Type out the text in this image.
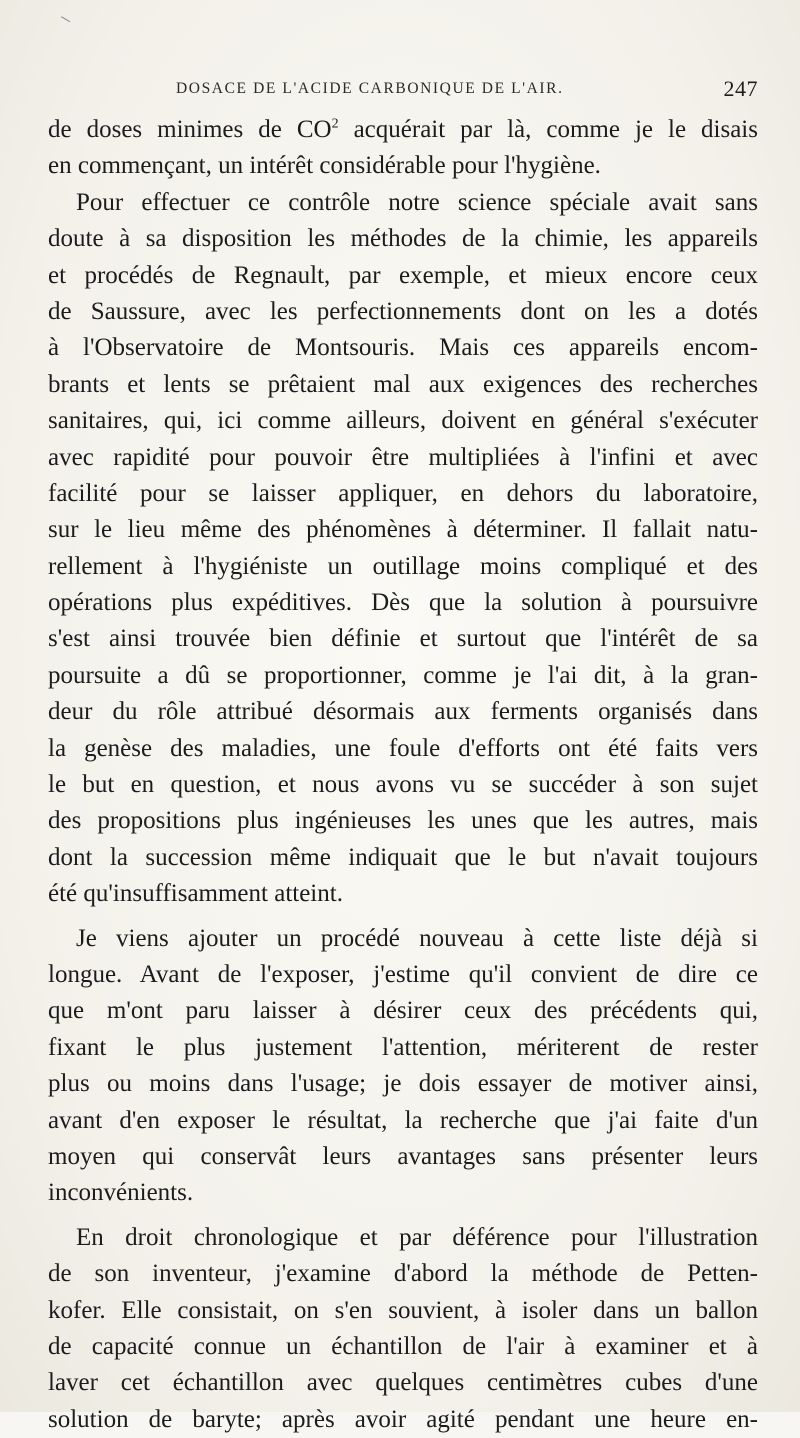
DOSACE DE L'ACIDE CARBONIQUE DE L'AIR.	247
de doses minimes de $CO^2$ acquérait par là, comme je le disais
en commençant, un intérêt considérable pour l'hygiène.
Pour effectuer ce contrôle notre science spéciale avait sans
doute à sa disposition les méthodes de la chimie, les appareils
et procédés de Regnault, par exemple, et mieux encore ceux
de Saussure, avec les perfectionnements dont on les a dotés
à l'Observatoire de Montsouris. Mais ces appareils encom-
brants et lents se prêtaient mal aux exigences des recherches
sanitaires, qui, ici comme ailleurs, doivent en général s'exécuter
avec rapidité pour pouvoir être multipliées à l'infini et avec
facilité pour se laisser appliquer, en dehors du laboratoire,
sur le lieu même des phénomènes à déterminer. Il fallait natu-
rellement à l'hygiéniste un outillage moins compliqué et des
opérations plus expéditives. Dès que la solution à poursuivre
s'est ainsi trouvée bien définie et surtout que l'intérêt de sa
poursuite a dû se proportionner, comme je l'ai dit, à la gran-
deur du rôle attribué désormais aux ferments organisés dans
la genèse des maladies, une foule d'efforts ont été faits vers
le but en question, et nous avons vu se succéder à son sujet
des propositions plus ingénieuses les unes que les autres, mais
dont la succession même indiquait que le but n'avait toujours
été qu'insuffisamment atteint.
Je viens ajouter un procédé nouveau à cette liste déjà si
longue. Avant de l'exposer, j'estime qu'il convient de dire ce
que m'ont paru laisser à désirer ceux des précédents qui,
fixant le plus justement l'attention, mériterent de rester
plus ou moins dans l'usage; je dois essayer de motiver ainsi,
avant d'en exposer le résultat, la recherche que j'ai faite d'un
moyen qui conservât leurs avantages sans présenter leurs
inconvénients.
En droit chronologique et par déférence pour l'illustration
de son inventeur, j'examine d'abord la méthode de Petten-
kofer. Elle consistait, on s'en souvient, à isoler dans un ballon
de capacité connue un échantillon de l'air à examiner et à
laver cet échantillon avec quelques centimètres cubes d'une
solution de baryte; après avoir agité pendant une heure en-
